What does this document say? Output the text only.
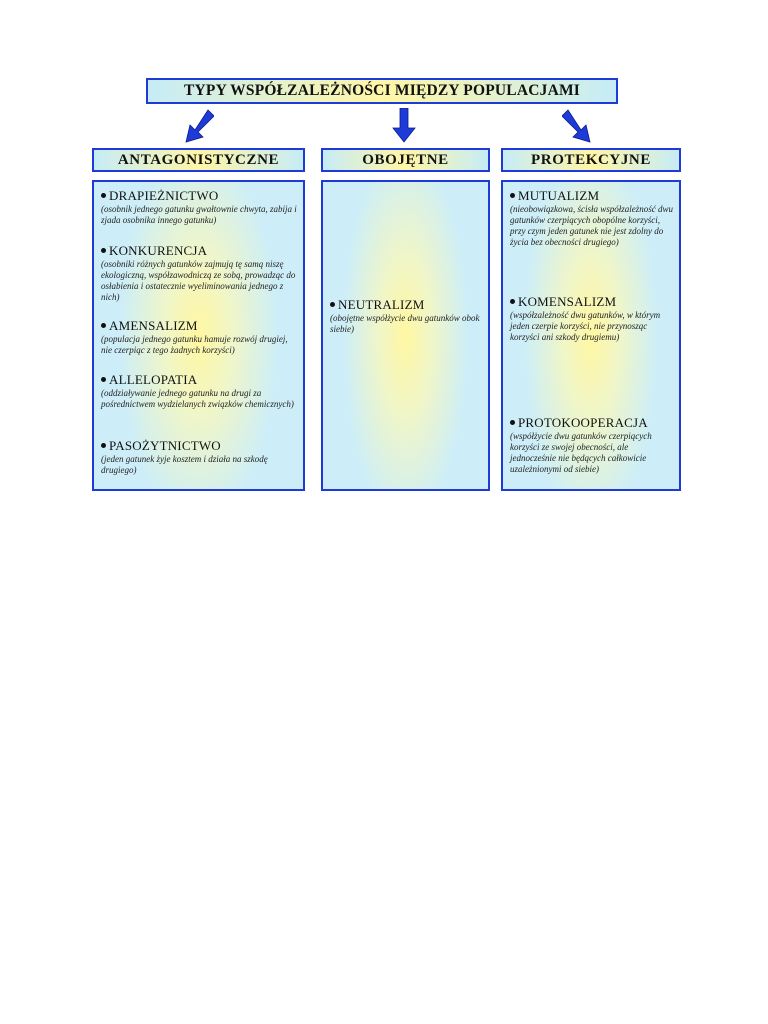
TYPY WSPÓŁZALEŻNOŚCI MIĘDZY POPULACJAMI
ANTAGONISTYCZNE	OBOJĘTNE	PROTEKCYJNE
DRAPIEŻNICTWO
(osobnik jednego gatunku gwałtownie chwyta, zabija i zjada osobnika innego gatunku)
KONKURENCJA
(osobniki różnych gatunków zajmują tę samą niszę ekologiczną, współzawodniczą ze sobą, prowadząc do osłabienia i ostatecznie wyeliminowania jednego z nich)
AMENSALIZM
(populacja jednego gatunku hamuje rozwój drugiej, nie czerpiąc z tego żadnych korzyści)
ALLELOPATIA
(oddziaływanie jednego gatunku na drugi za pośrednictwem wydzielanych związków chemicznych)
PASOŻYTNICTWO
(jeden gatunek żyje kosztem i działa na szkodę drugiego)
NEUTRALIZM
(obojętne współżycie dwu gatunków obok siebie)
MUTUALIZM
(nieobowiązkowa, ścisła współzależność dwu gatunków czerpiących obopólne korzyści, przy czym jeden gatunek nie jest zdolny do życia bez obecności drugiego)
KOMENSALIZM
(współzależność dwu gatunków, w którym jeden czerpie korzyści, nie przynosząc korzyści ani szkody drugiemu)
PROTOKOOPERACJA
(współżycie dwu gatunków czerpiących korzyści ze swojej obecności, ale jednocześnie nie będących całkowicie uzależnionymi od siebie)
